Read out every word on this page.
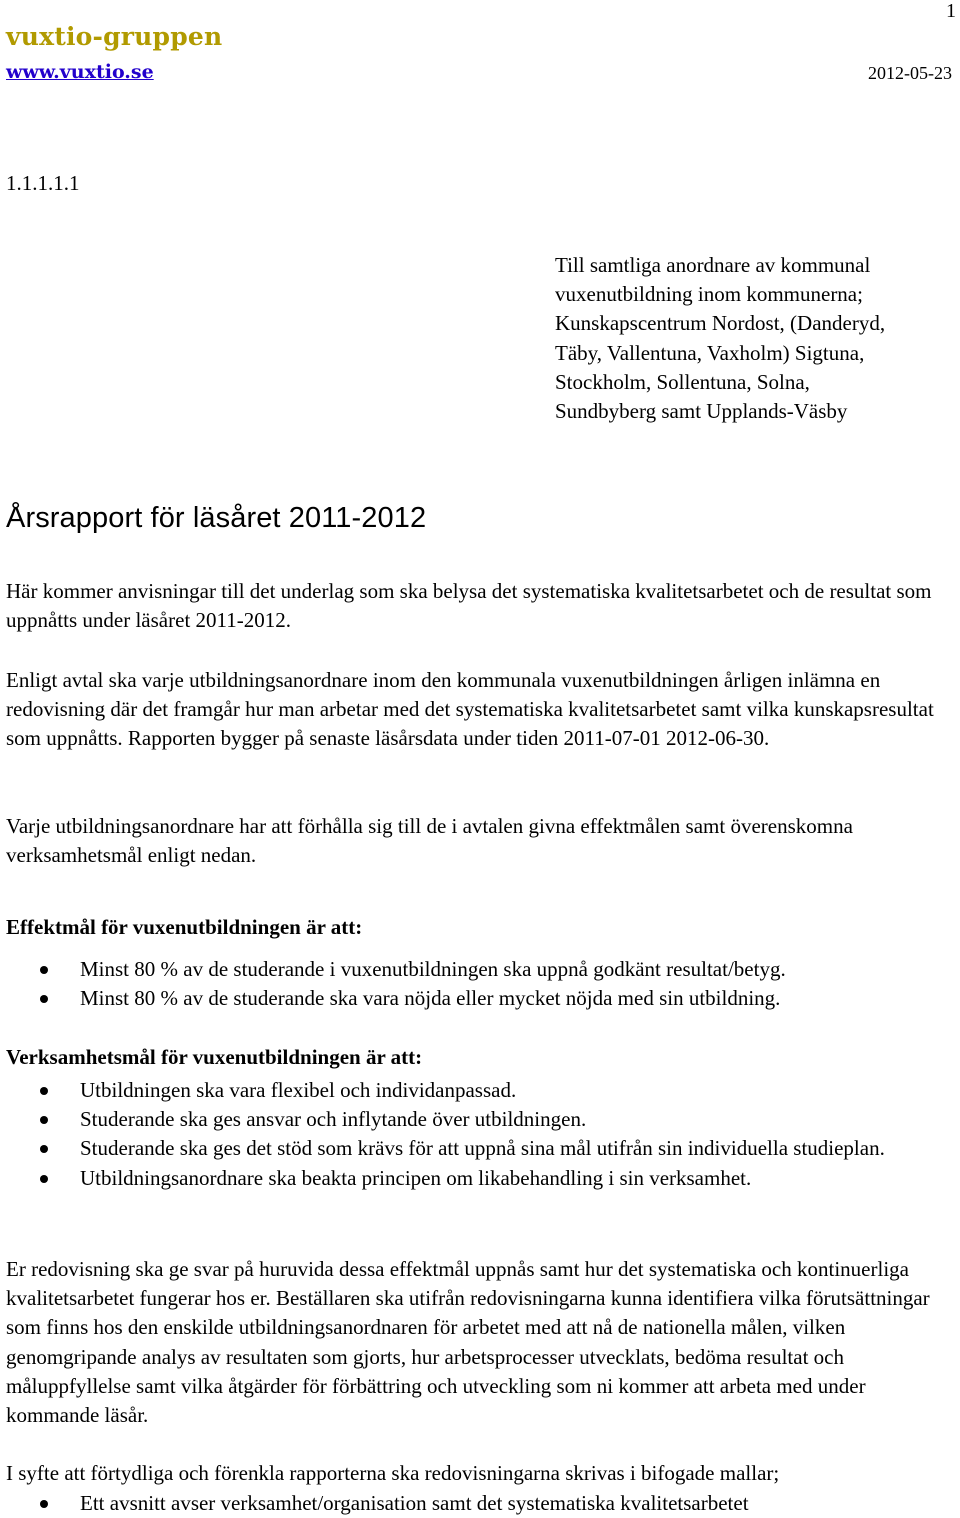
vuxtio-gruppen
www.vuxtio.se
1
2012-05-23
1.1.1.1.1
Till samtliga anordnare av kommunal
vuxenutbildning inom kommunerna;
Kunskapscentrum Nordost, (Danderyd,
Täby, Vallentuna, Vaxholm) Sigtuna,
Stockholm, Sollentuna, Solna,
Sundbyberg samt Upplands-Väsby
Årsrapport för läsåret 2011-2012

Här kommer anvisningar till det underlag som ska belysa det systematiska kvalitetsarbetet och de resultat som uppnåtts under läsåret 2011-2012.

Enligt avtal ska varje utbildningsanordnare inom den kommunala vuxenutbildningen årligen inlämna en redovisning där det framgår hur man arbetar med det systematiska kvalitetsarbetet samt vilka kunskapsresultat som uppnåtts. Rapporten bygger på senaste läsårsdata under tiden 2011-07-01 2012-06-30.

Varje utbildningsanordnare har att förhålla sig till de i avtalen givna effektmålen samt överenskomna verksamhetsmål enligt nedan.

Effektmål för vuxenutbildningen är att:
Minst 80 % av de studerande i vuxenutbildningen ska uppnå godkänt resultat/betyg.
Minst 80 % av de studerande ska vara nöjda eller mycket nöjda med sin utbildning.
Verksamhetsmål för vuxenutbildningen är att:
Utbildningen ska vara flexibel och individanpassad.
Studerande ska ges ansvar och inflytande över utbildningen.
Studerande ska ges det stöd som krävs för att uppnå sina mål utifrån sin individuella studieplan.
Utbildningsanordnare ska beakta principen om likabehandling i sin verksamhet.

Er redovisning ska ge svar på huruvida dessa effektmål uppnås samt hur det systematiska och kontinuerliga kvalitetsarbetet fungerar hos er. Beställaren ska utifrån redovisningarna kunna identifiera vilka förutsättningar som finns hos den enskilde utbildningsanordnaren för arbetet med att nå de nationella målen, vilken genomgripande analys av resultaten som gjorts, hur arbetsprocesser utvecklats, bedöma resultat och måluppfyllelse samt vilka åtgärder för förbättring och utveckling som ni kommer att arbeta med under kommande läsår.

I syfte att förtydliga och förenkla rapporterna ska redovisningarna skrivas i bifogade mallar;

Ett avsnitt avser verksamhet/organisation samt det systematiska kvalitetsarbetet
